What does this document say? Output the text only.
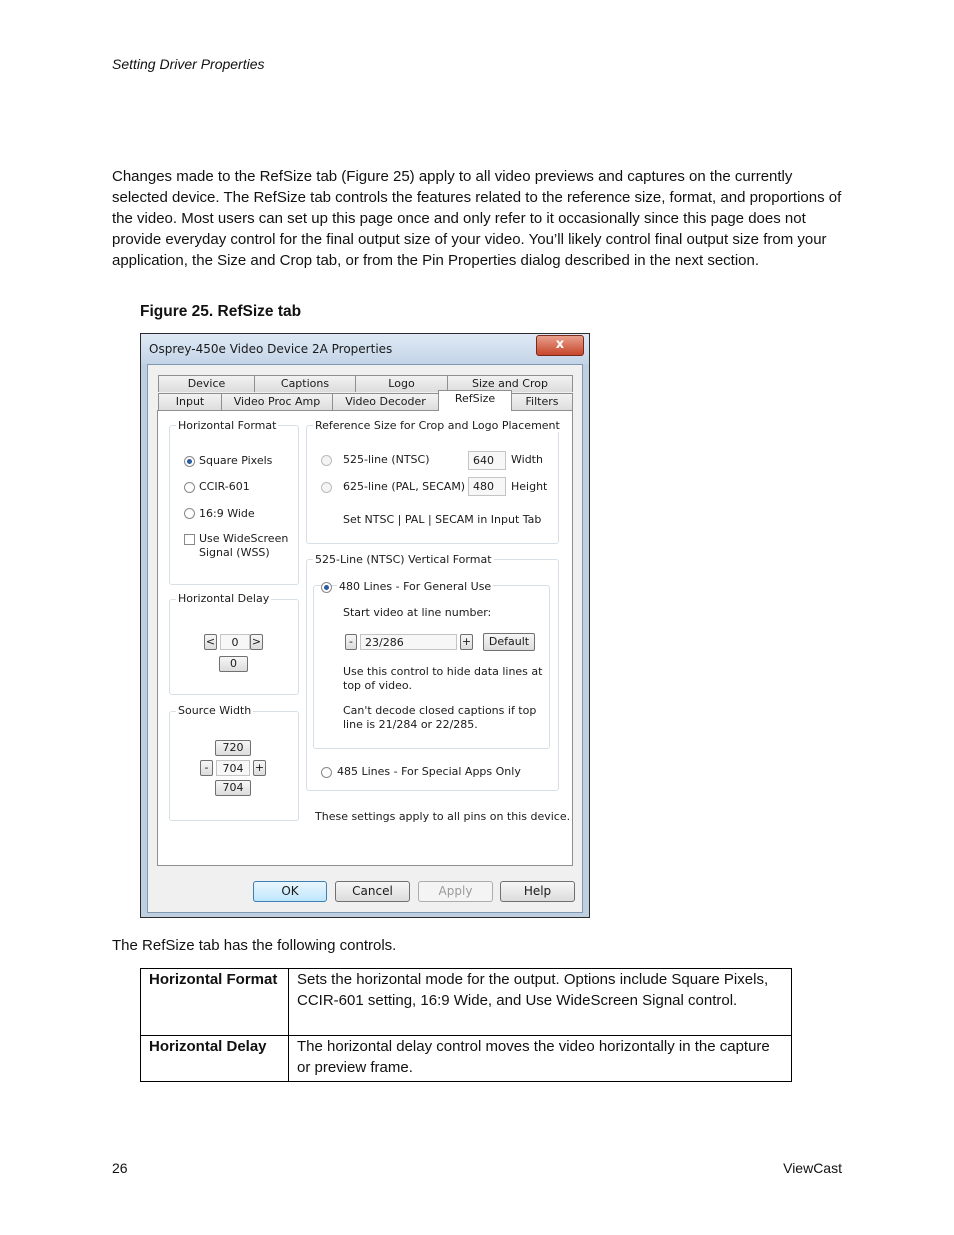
Setting Driver Properties
Changes made to the RefSize tab (Figure 25) apply to all video previews and captures on the currently selected device. The RefSize tab controls the features related to the reference size, format, and proportions of the video. Most users can set up this page once and only refer to it occasionally since this page does not provide everyday control for the final output size of your video. You’ll likely control final output size from your application, the Size and Crop tab, or from the Pin Properties dialog described in the next section.
Figure 25. RefSize tab
Osprey-450e Video Device 2A Properties	x
Device	Captions	Logo	Size and Crop
Input	Video Proc Amp	Video Decoder	RefSize	Filters
Horizontal Format
Square Pixels
CCIR-601
16:9 Wide
Use WideScreen
Signal (WSS)
Horizontal Delay
<	0	>
0
Source Width
720
-	704	+
704
Reference Size for Crop and Logo Placement
525-line (NTSC)	640	Width
625-line (PAL, SECAM) 480	Height
Set NTSC | PAL | SECAM in Input Tab
525-Line (NTSC) Vertical Format
480 Lines - For General Use
Start video at line number:
-	23/286	+	Default
Use this control to hide data lines at
top of video.
Can't decode closed captions if top
line is 21/284 or 22/285.
485 Lines - For Special Apps Only
These settings apply to all pins on this device.
OK	Cancel	Apply	Help
The RefSize tab has the following controls.
Horizontal Format	Sets the horizontal mode for the output. Options include Square Pixels, CCIR-601 setting, 16:9 Wide, and Use WideScreen Signal control.
Horizontal Delay	The horizontal delay control moves the video horizontally in the capture or preview frame.
26	ViewCast
